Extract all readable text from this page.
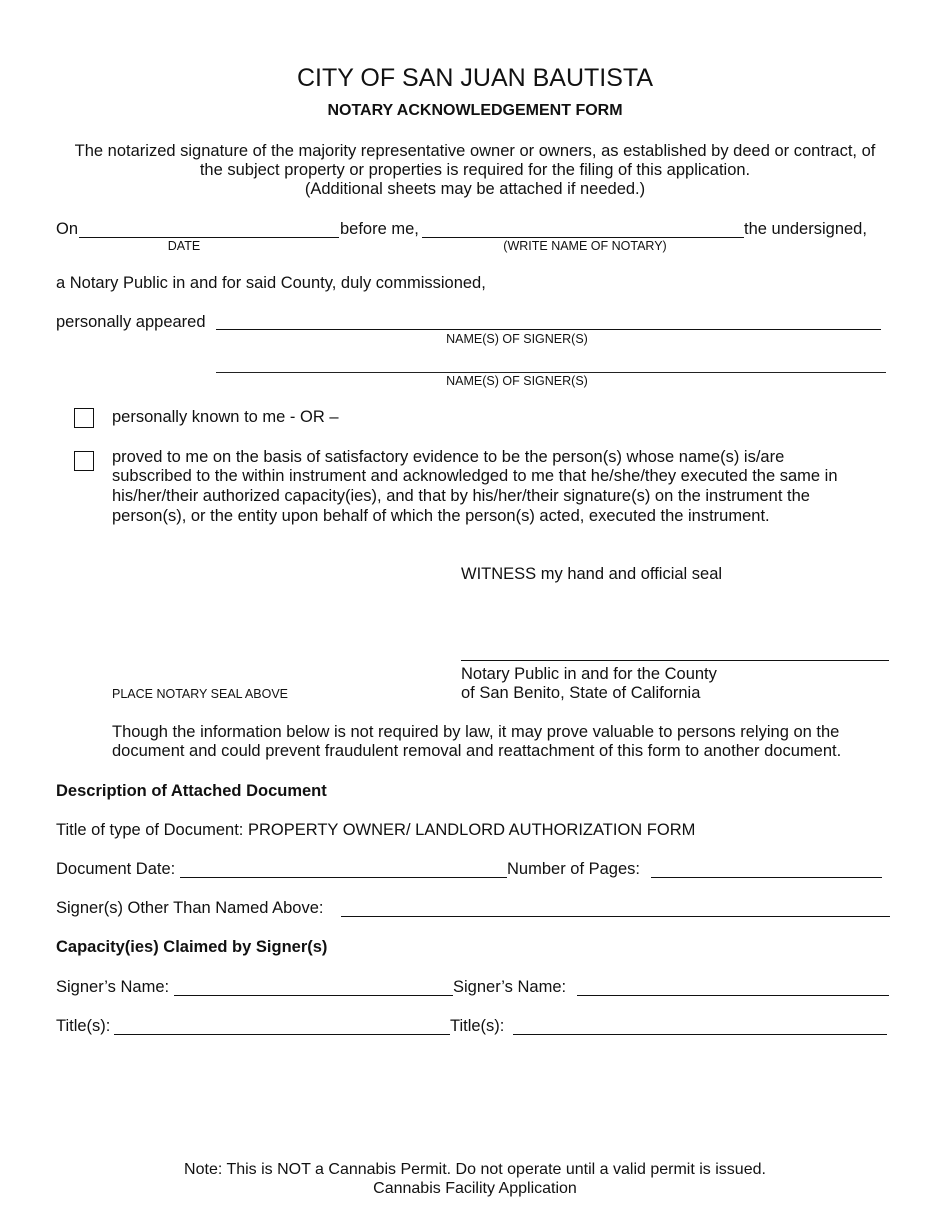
CITY OF SAN JUAN BAUTISTA
NOTARY ACKNOWLEDGEMENT FORM
The notarized signature of the majority representative owner or owners, as established by deed or contract, of
the subject property or properties is required for the filing of this application.
(Additional sheets may be attached if needed.)
On
DATE
before me,
(WRITE NAME OF NOTARY)
the undersigned,
a Notary Public in and for said County, duly commissioned,
personally appeared
NAME(S) OF SIGNER(S)
NAME(S) OF SIGNER(S)
personally known to me - OR –
proved to me on the basis of satisfactory evidence to be the person(s) whose name(s) is/are
subscribed to the within instrument and acknowledged to me that he/she/they executed the same in
his/her/their authorized capacity(ies), and that by his/her/their signature(s) on the instrument the
person(s), or the entity upon behalf of which the person(s) acted, executed the instrument.
WITNESS my hand and official seal
Notary Public in and for the County
of San Benito, State of California
PLACE NOTARY SEAL ABOVE
Though the information below is not required by law, it may prove valuable to persons relying on the
document and could prevent fraudulent removal and reattachment of this form to another document.
Description of Attached Document
Title of type of Document: PROPERTY OWNER/ LANDLORD AUTHORIZATION FORM
Document Date:	Number of Pages:
Signer(s) Other Than Named Above:
Capacity(ies) Claimed by Signer(s)
Signer’s Name:	Signer’s Name:
Title(s):	Title(s):
Note: This is NOT a Cannabis Permit. Do not operate until a valid permit is issued.
Cannabis Facility Application
